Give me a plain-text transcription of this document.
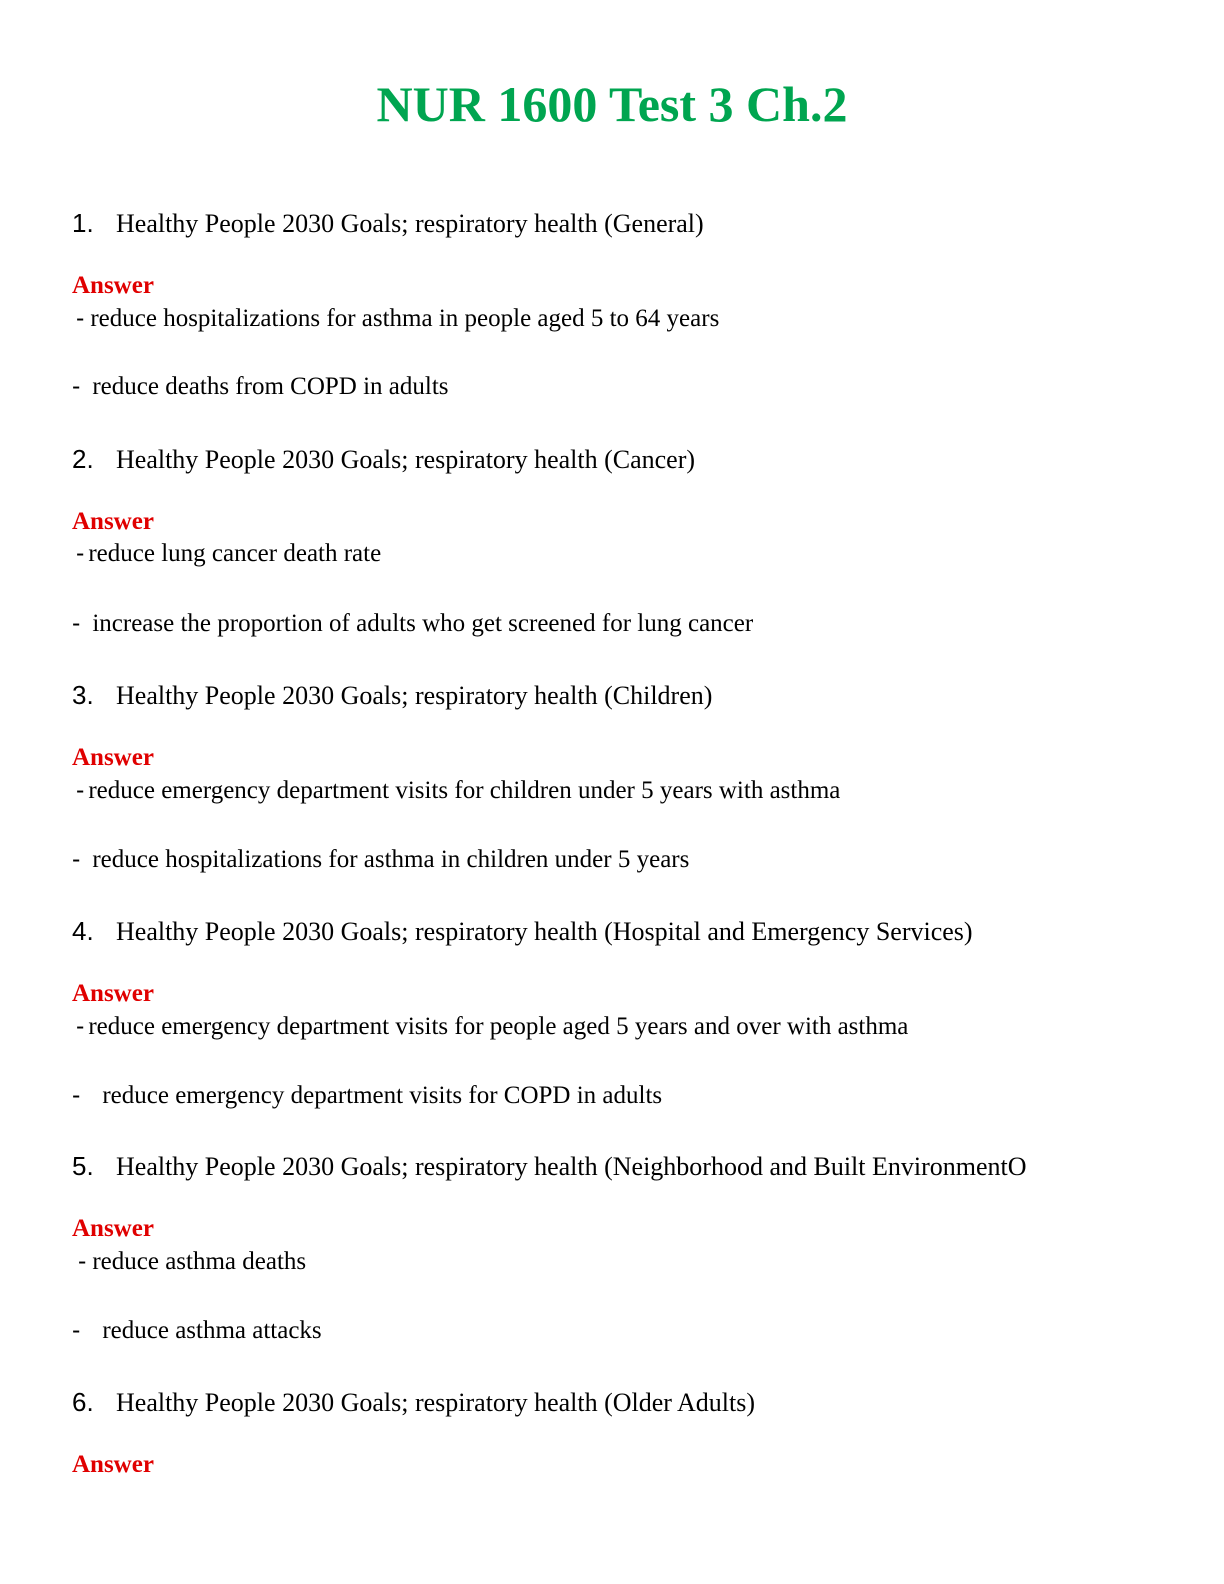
NUR 1600 Test 3 Ch.2
1. Healthy People 2030 Goals; respiratory health (General)
Answer
- reduce hospitalizations for asthma in people aged 5 to 64 years
- reduce deaths from COPD in adults
2. Healthy People 2030 Goals; respiratory health (Cancer)
Answer
- reduce lung cancer death rate
- increase the proportion of adults who get screened for lung cancer
3. Healthy People 2030 Goals; respiratory health (Children)
Answer
- reduce emergency department visits for children under 5 years with asthma
- reduce hospitalizations for asthma in children under 5 years
4. Healthy People 2030 Goals; respiratory health (Hospital and Emergency Services)
Answer
- reduce emergency department visits for people aged 5 years and over with asthma
- reduce emergency department visits for COPD in adults
5. Healthy People 2030 Goals; respiratory health (Neighborhood and Built EnvironmentO
Answer
- reduce asthma deaths
- reduce asthma attacks
6. Healthy People 2030 Goals; respiratory health (Older Adults)
Answer
